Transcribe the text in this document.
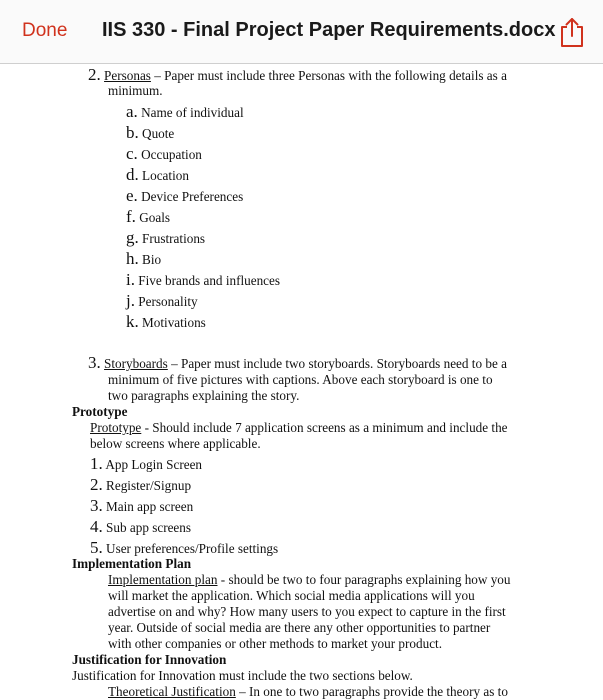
Done IIS 330 - Final Project Paper Requirements.docx
2. Personas – Paper must include three Personas with the following details as a
minimum.
a. Name of individual
b. Quote
c. Occupation
d. Location
e. Device Preferences
f. Goals
g. Frustrations
h. Bio
i. Five brands and influences
j. Personality
k. Motivations
3. Storyboards – Paper must include two storyboards. Storyboards need to be a
minimum of five pictures with captions. Above each storyboard is one to
two paragraphs explaining the story.
Prototype
Prototype - Should include 7 application screens as a minimum and include the
below screens where applicable.
1. App Login Screen
2. Register/Signup
3. Main app screen
4. Sub app screens
5. User preferences/Profile settings
Implementation Plan
Implementation plan - should be two to four paragraphs explaining how you
will market the application. Which social media applications will you
advertise on and why? How many users to you expect to capture in the first
year. Outside of social media are there any other opportunities to partner
with other companies or other methods to market your product.
Justification for Innovation
Justification for Innovation must include the two sections below.
Theoretical Justification – In one to two paragraphs provide the theory as to
